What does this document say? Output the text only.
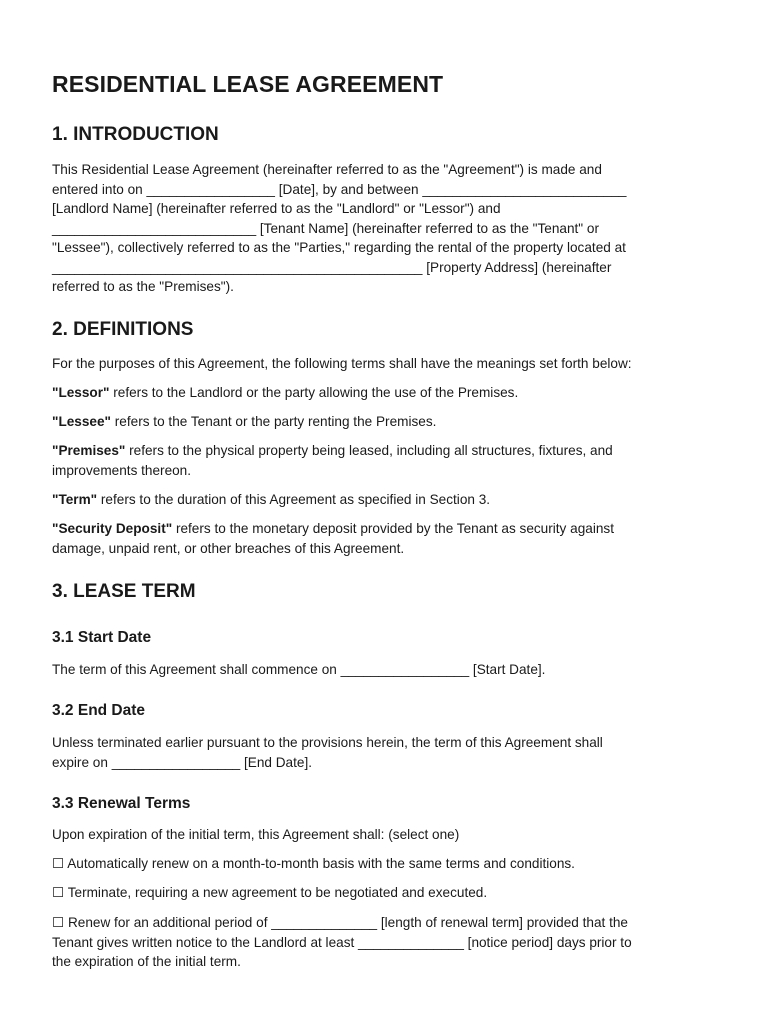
RESIDENTIAL LEASE AGREEMENT
1. INTRODUCTION
This Residential Lease Agreement (hereinafter referred to as the "Agreement") is made and
entered into on _________________ [Date], by and between ___________________________
[Landlord Name] (hereinafter referred to as the "Landlord" or "Lessor") and
___________________________ [Tenant Name] (hereinafter referred to as the "Tenant" or
"Lessee"), collectively referred to as the "Parties," regarding the rental of the property located at
_________________________________________________ [Property Address] (hereinafter
referred to as the "Premises").
2. DEFINITIONS

For the purposes of this Agreement, the following terms shall have the meanings set forth below:

"Lessor" refers to the Landlord or the party allowing the use of the Premises.

"Lessee" refers to the Tenant or the party renting the Premises.

"Premises" refers to the physical property being leased, including all structures, fixtures, and
improvements thereon.

"Term" refers to the duration of this Agreement as specified in Section 3.

"Security Deposit" refers to the monetary deposit provided by the Tenant as security against
damage, unpaid rent, or other breaches of this Agreement.
3. LEASE TERM
3.1 Start Date

The term of this Agreement shall commence on _________________ [Start Date].

3.2 End Date
Unless terminated earlier pursuant to the provisions herein, the term of this Agreement shall
expire on _________________ [End Date].
3.3 Renewal Terms

Upon expiration of the initial term, this Agreement shall: (select one)

☐ Automatically renew on a month-to-month basis with the same terms and conditions.

☐ Terminate, requiring a new agreement to be negotiated and executed.

☐ Renew for an additional period of ______________ [length of renewal term] provided that the
Tenant gives written notice to the Landlord at least ______________ [notice period] days prior to
the expiration of the initial term.
